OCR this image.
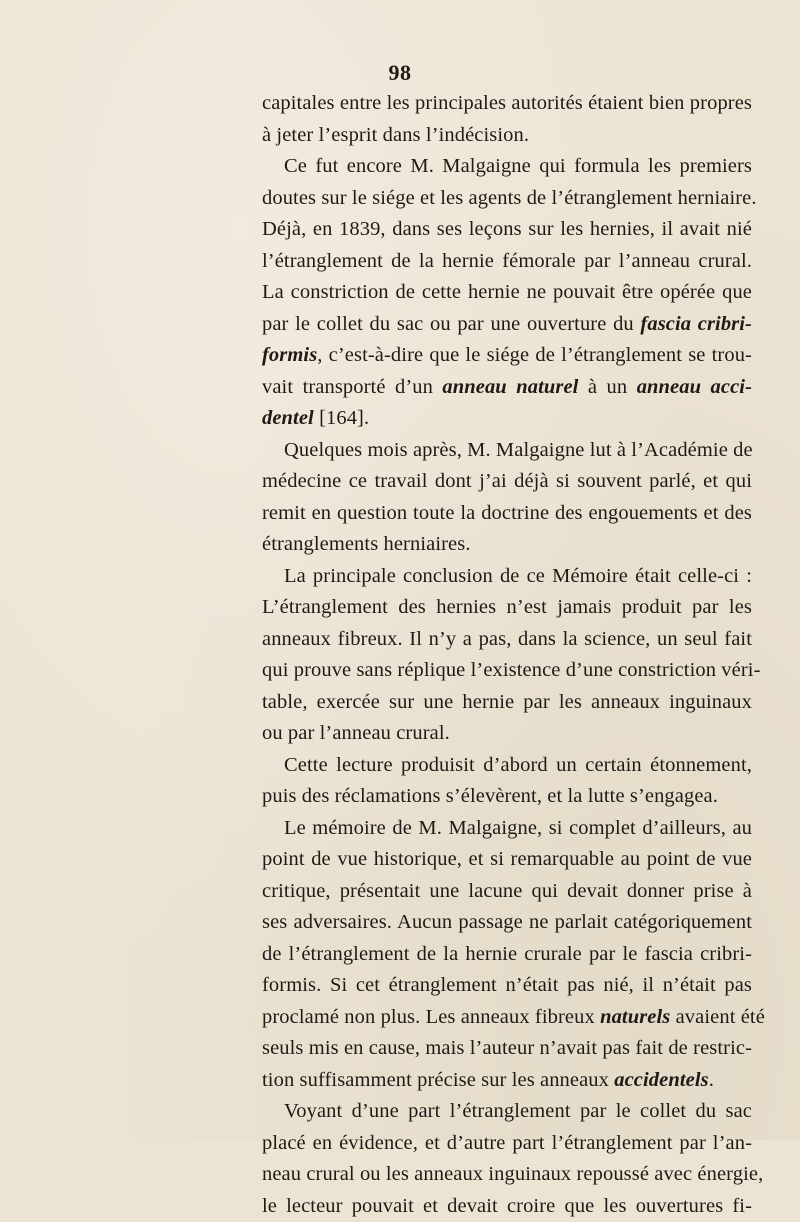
98
capitales entre les principales autorités étaient bien propres
à jeter l’esprit dans l’indécision.
Ce fut encore M. Malgaigne qui formula les premiers
doutes sur le siége et les agents de l’étranglement herniaire.
Déjà, en 1839, dans ses leçons sur les hernies, il avait nié
l’étranglement de la hernie fémorale par l’anneau crural.
La constriction de cette hernie ne pouvait être opérée que
par le collet du sac ou par une ouverture du fascia cribri-
formis, c’est-à-dire que le siége de l’étranglement se trou-
vait transporté d’un anneau naturel à un anneau acci-
dentel [164].
Quelques mois après, M. Malgaigne lut à l’Académie de
médecine ce travail dont j’ai déjà si souvent parlé, et qui
remit en question toute la doctrine des engouements et des
étranglements herniaires.
La principale conclusion de ce Mémoire était celle-ci :
L’étranglement des hernies n’est jamais produit par les
anneaux fibreux. Il n’y a pas, dans la science, un seul fait
qui prouve sans réplique l’existence d’une constriction véri-
table, exercée sur une hernie par les anneaux inguinaux
ou par l’anneau crural.
Cette lecture produisit d’abord un certain étonnement,
puis des réclamations s’élevèrent, et la lutte s’engagea.
Le mémoire de M. Malgaigne, si complet d’ailleurs, au
point de vue historique, et si remarquable au point de vue
critique, présentait une lacune qui devait donner prise à
ses adversaires. Aucun passage ne parlait catégoriquement
de l’étranglement de la hernie crurale par le fascia cribri-
formis. Si cet étranglement n’était pas nié, il n’était pas
proclamé non plus. Les anneaux fibreux naturels avaient été
seuls mis en cause, mais l’auteur n’avait pas fait de restric-
tion suffisamment précise sur les anneaux accidentels.
Voyant d’une part l’étranglement par le collet du sac
placé en évidence, et d’autre part l’étranglement par l’an-
neau crural ou les anneaux inguinaux repoussé avec énergie,
le lecteur pouvait et devait croire que les ouvertures fi-
